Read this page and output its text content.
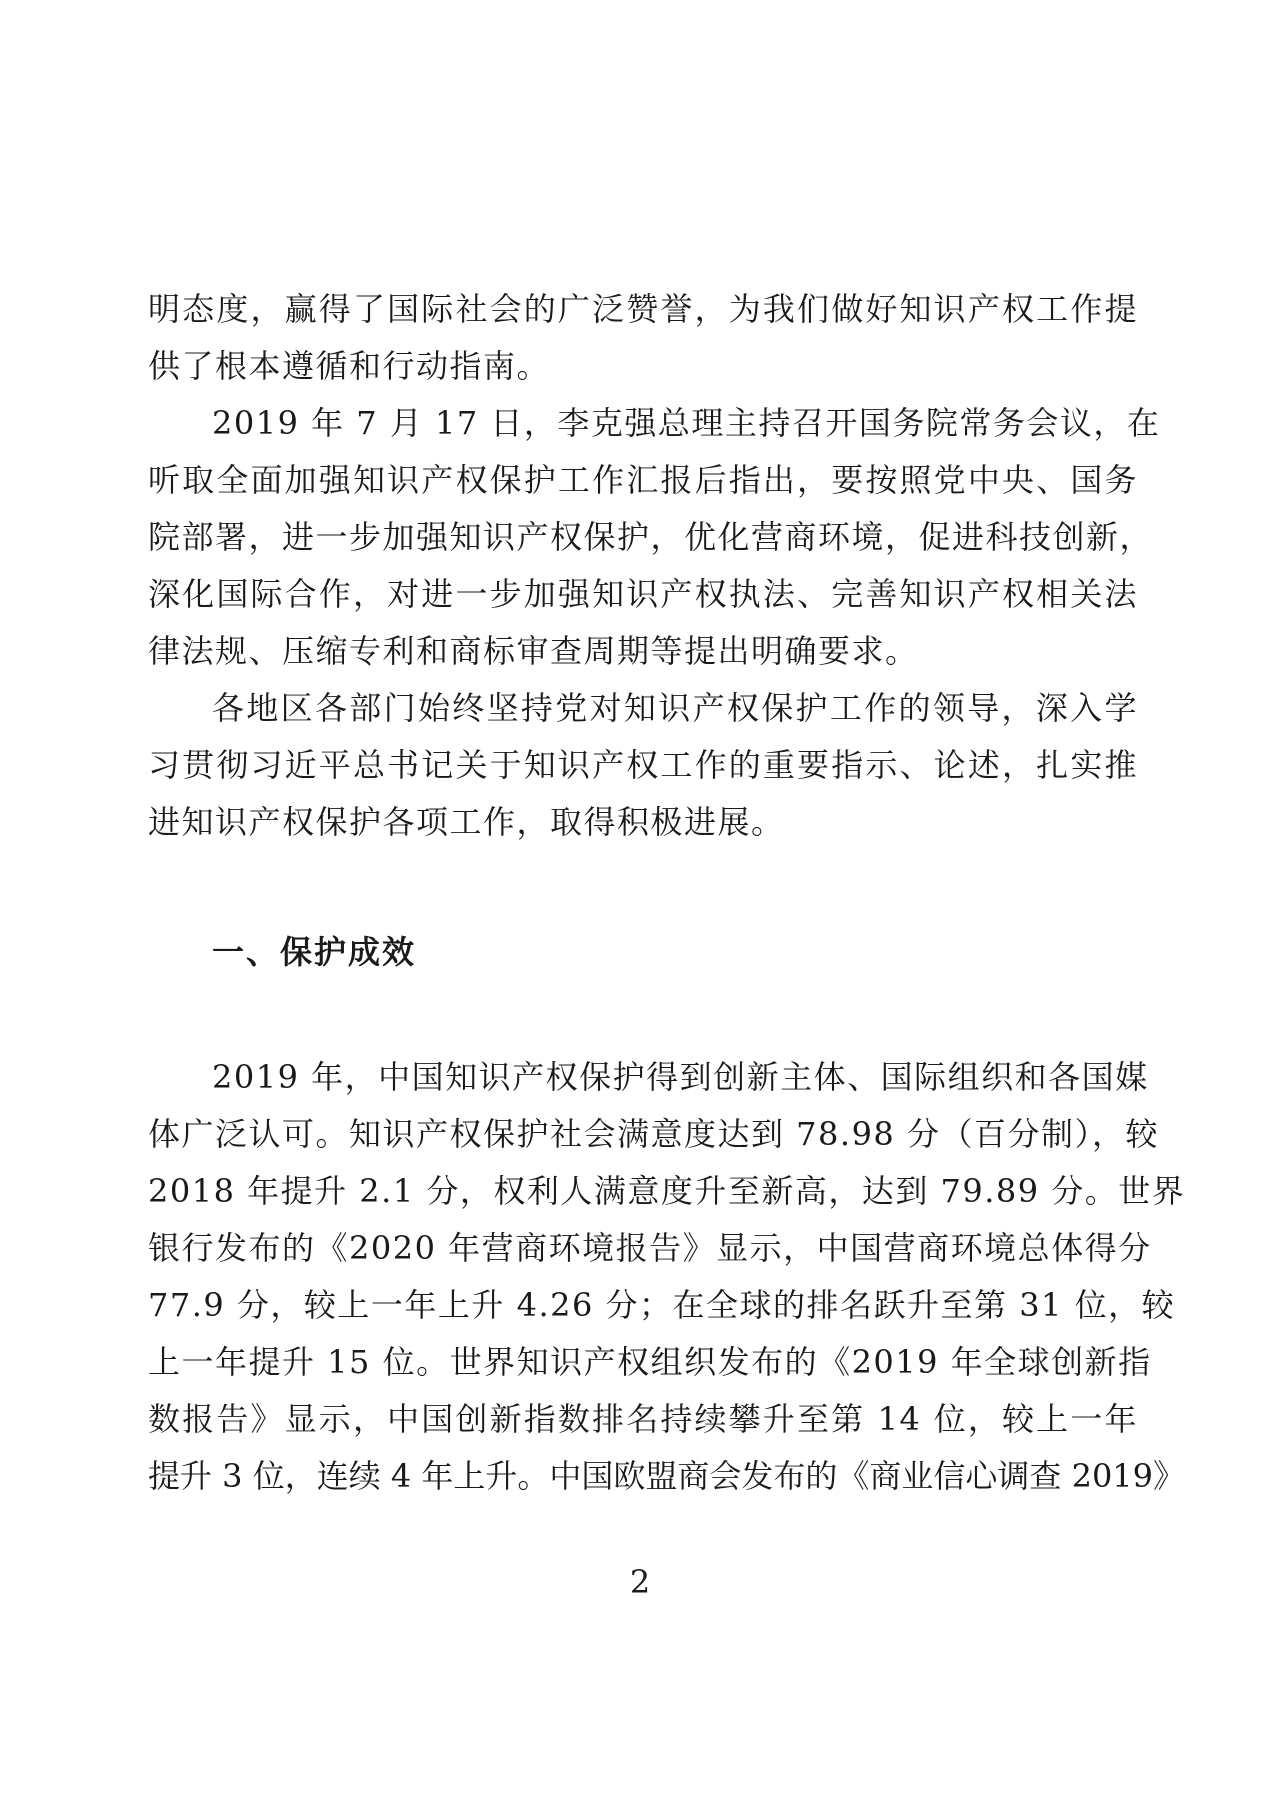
明态度，赢得了国际社会的广泛赞誉，为我们做好知识产权工作提
供了根本遵循和行动指南。
2019 年 7 月 17 日，李克强总理主持召开国务院常务会议，在
听取全面加强知识产权保护工作汇报后指出，要按照党中央、国务
院部署，进一步加强知识产权保护，优化营商环境，促进科技创新，
深化国际合作，对进一步加强知识产权执法、完善知识产权相关法
律法规、压缩专利和商标审查周期等提出明确要求。
各地区各部门始终坚持党对知识产权保护工作的领导，深入学
习贯彻习近平总书记关于知识产权工作的重要指示、论述，扎实推
进知识产权保护各项工作，取得积极进展。
一、保护成效
2019 年，中国知识产权保护得到创新主体、国际组织和各国媒
体广泛认可。知识产权保护社会满意度达到 78.98 分（百分制），较
2018 年提升 2.1 分，权利人满意度升至新高，达到 79.89 分。世界
银行发布的《2020 年营商环境报告》显示，中国营商环境总体得分
77.9 分，较上一年上升 4.26 分；在全球的排名跃升至第 31 位，较
上一年提升 15 位。世界知识产权组织发布的《2019 年全球创新指
数报告》显示，中国创新指数排名持续攀升至第 14 位，较上一年
提升 3 位，连续 4 年上升。中国欧盟商会发布的《商业信心调查 2019》
2
